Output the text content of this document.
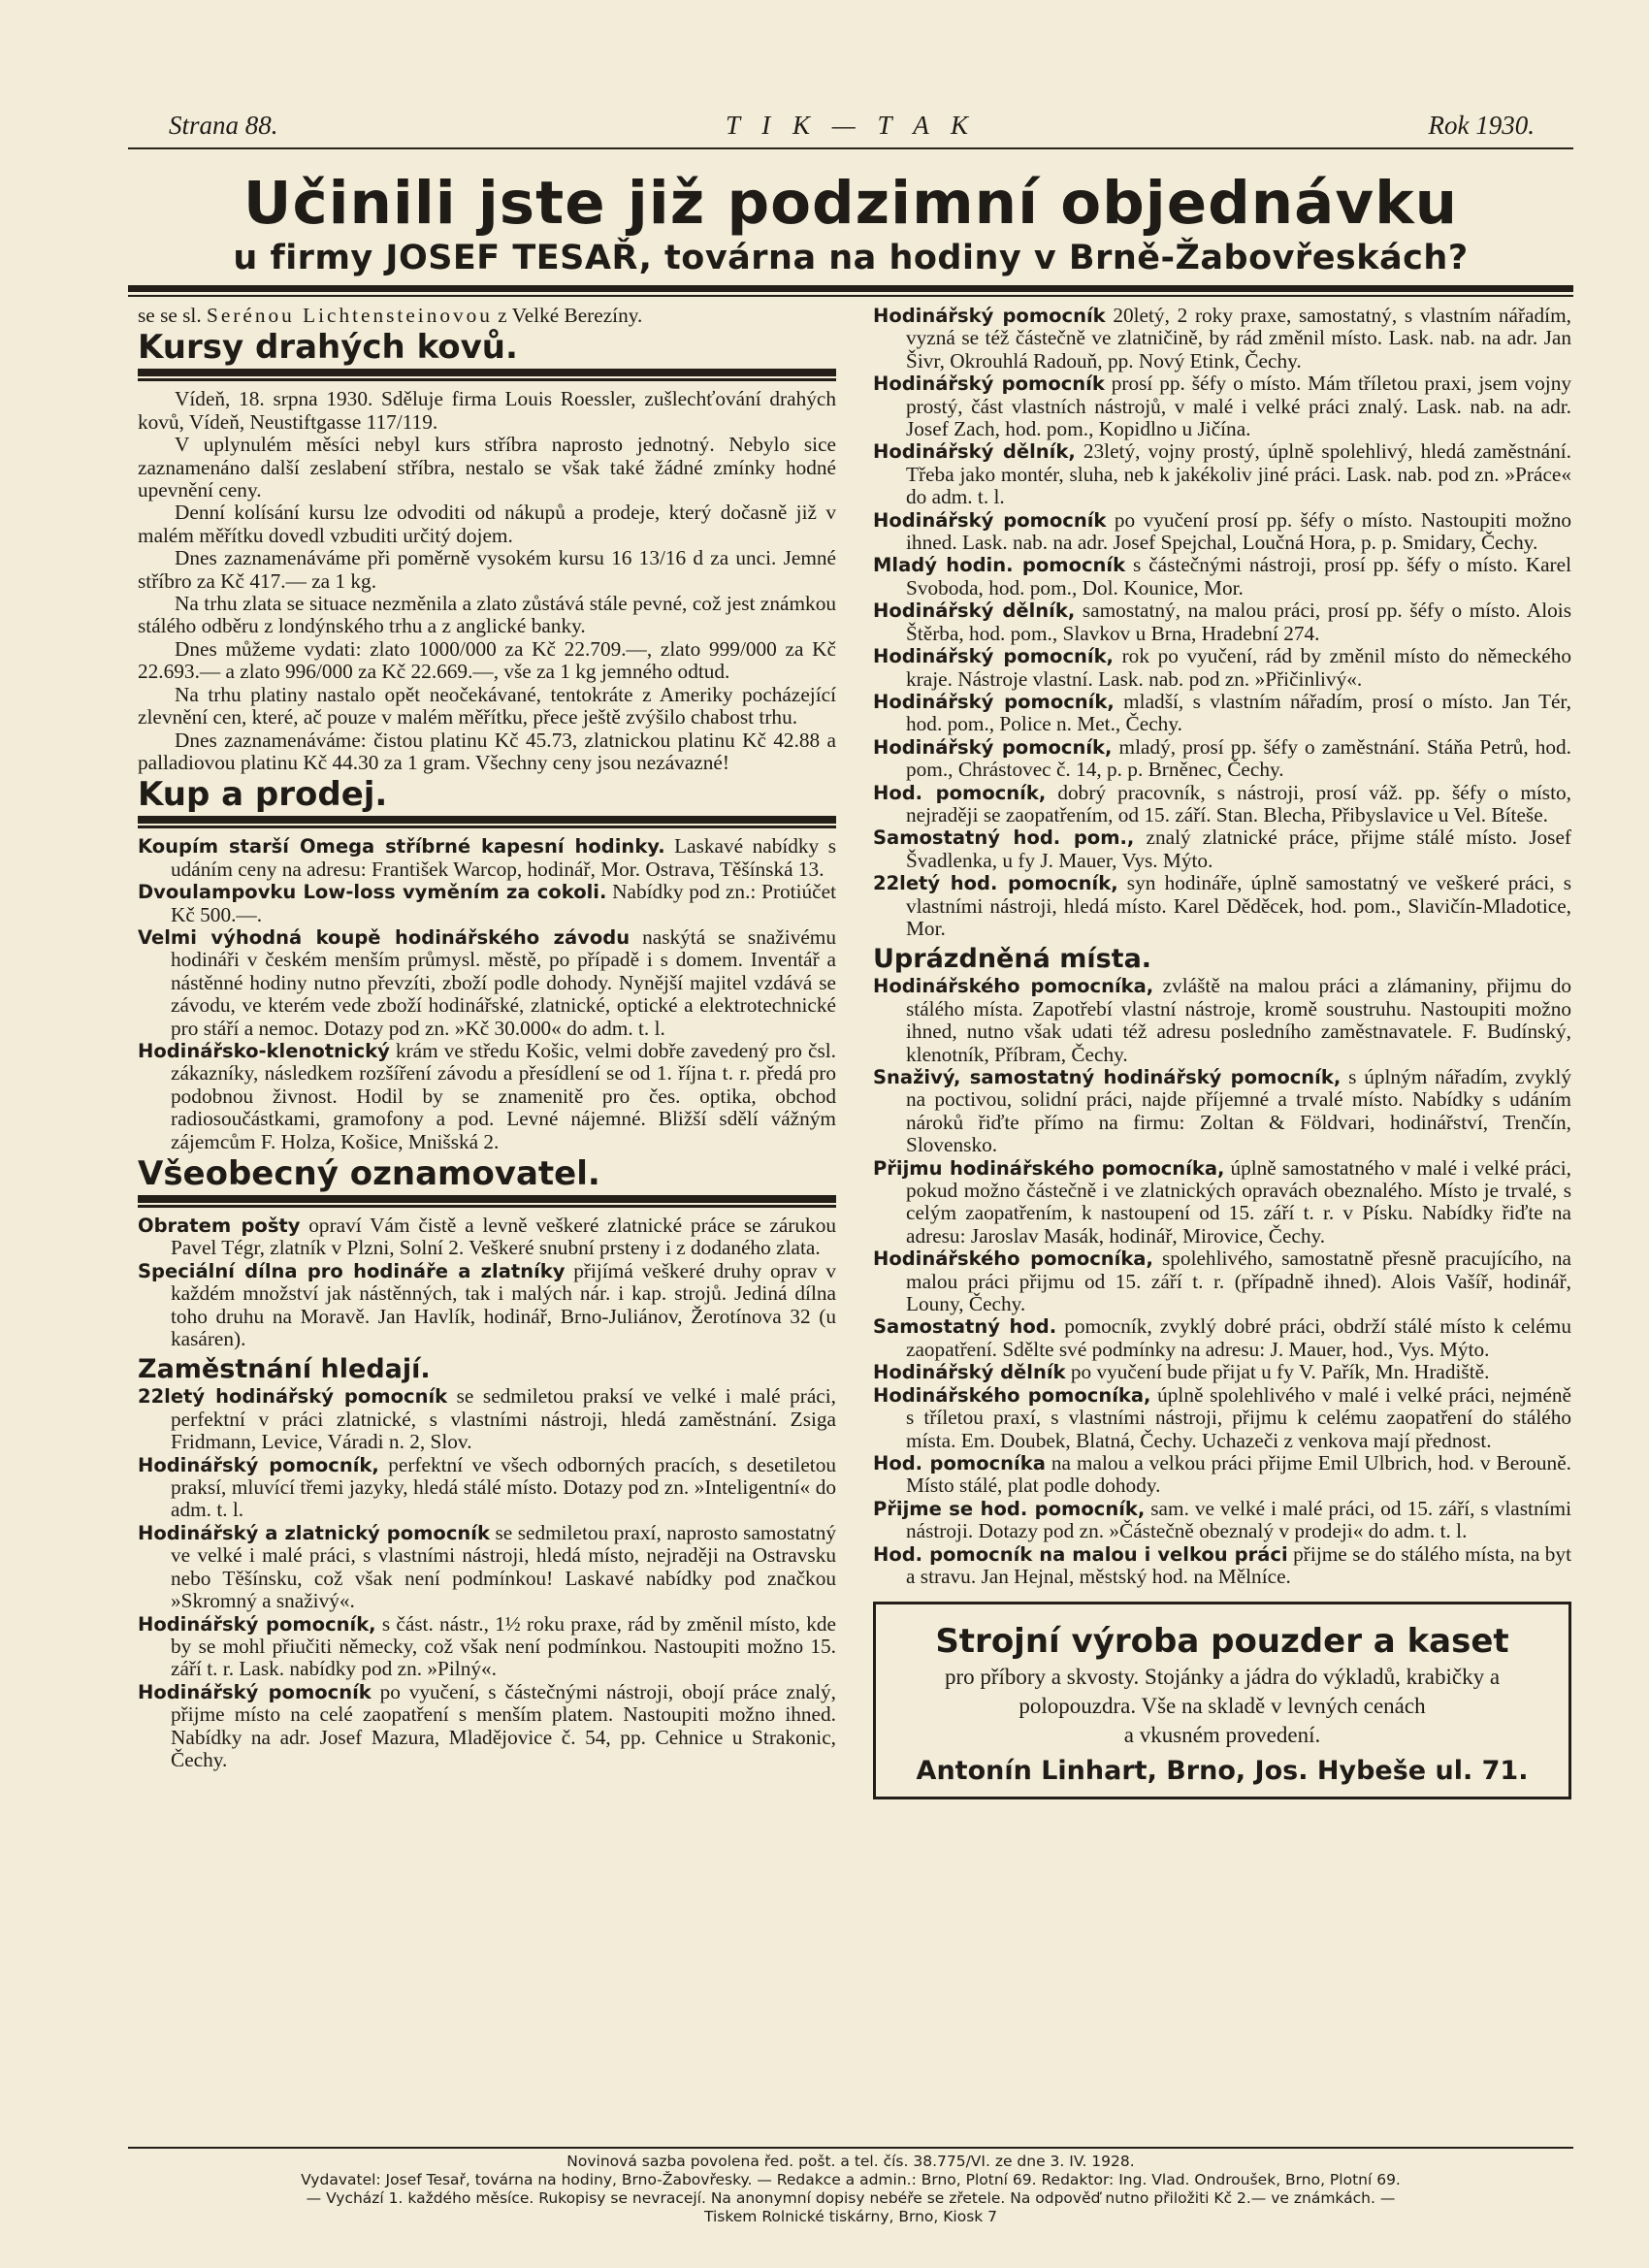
Strana 88.	T I K — T A K	Rok 1930.
Učinili jste již podzimní objednávku
u firmy JOSEF TESAŘ, továrna na hodiny v Brně-Žabovřeskách?

se se sl. Serénou Lichtensteinovou z Velké Berezíny.

Kursy drahých kovů.

Vídeň, 18. srpna 1930. Sděluje firma Louis Roessler, zušlechťování drahých kovů, Vídeň, Neustiftgasse 117/119.

V uplynulém měsíci nebyl kurs stříbra naprosto jednotný. Nebylo sice zaznamenáno další zeslabení stříbra, nestalo se však také žádné zmínky hodné upevnění ceny.

Denní kolísání kursu lze odvoditi od nákupů a prodeje, který dočasně již v malém měřítku dovedl vzbuditi určitý dojem.

Dnes zaznamenáváme při poměrně vysokém kursu 16 13/16 d za unci. Jemné stříbro za Kč 417.— za 1 kg.

Na trhu zlata se situace nezměnila a zlato zůstává stále pevné, což jest známkou stálého odběru z londýnského trhu a z anglické banky.

Dnes můžeme vydati: zlato 1000/000 za Kč 22.709.—, zlato 999/000 za Kč 22.693.— a zlato 996/000 za Kč 22.669.—, vše za 1 kg jemného odtud.

Na trhu platiny nastalo opět neočekávané, tentokráte z Ameriky pocházející zlevnění cen, které, ač pouze v malém měřítku, přece ještě zvýšilo chabost trhu.

Dnes zaznamenáváme: čistou platinu Kč 45.73, zlatnickou platinu Kč 42.88 a palladiovou platinu Kč 44.30 za 1 gram. Všechny ceny jsou nezávazné!

Kup a prodej.

Koupím starší Omega stříbrné kapesní hodinky. Laskavé nabídky s udáním ceny na adresu: František Warcop, hodinář, Mor. Ostrava, Těšínská 13.

Dvoulampovku Low-loss vyměním za cokoli. Nabídky pod zn.: Protiúčet Kč 500.—.

Velmi výhodná koupě hodinářského závodu naskýtá se snaživému hodináři v českém menším průmysl. městě, po případě i s domem. Inventář a nástěnné hodiny nutno převzíti, zboží podle dohody. Nynější majitel vzdává se závodu, ve kterém vede zboží hodinářské, zlatnické, optické a elektrotechnické pro stáří a nemoc. Dotazy pod zn. »Kč 30.000« do adm. t. l.

Hodinářsko-klenotnický krám ve středu Košic, velmi dobře zavedený pro čsl. zákazníky, následkem rozšíření závodu a přesídlení se od 1. října t. r. předá pro podobnou živnost. Hodil by se znamenitě pro čes. optika, obchod radiosoučástkami, gramofony a pod. Levné nájemné. Bližší sdělí vážným zájemcům F. Holza, Košice, Mnišská 2.

Všeobecný oznamovatel.

Obratem pošty opraví Vám čistě a levně veškeré zlatnické práce se zárukou Pavel Tégr, zlatník v Plzni, Solní 2. Veškeré snubní prsteny i z dodaného zlata.

Speciální dílna pro hodináře a zlatníky přijímá veškeré druhy oprav v každém množství jak nástěnných, tak i malých nár. i kap. strojů. Jediná dílna toho druhu na Moravě. Jan Havlík, hodinář, Brno-Juliánov, Žerotínova 32 (u kasáren).

Zaměstnání hledají.

22letý hodinářský pomocník se sedmiletou praksí ve velké i malé práci, perfektní v práci zlatnické, s vlastními nástroji, hledá zaměstnání. Zsiga Fridmann, Levice, Váradi n. 2, Slov.

Hodinářský pomocník, perfektní ve všech odborných pracích, s desetiletou praksí, mluvící třemi jazyky, hledá stálé místo. Dotazy pod zn. »Inteligentní« do adm. t. l.

Hodinářský a zlatnický pomocník se sedmiletou praxí, naprosto samostatný ve velké i malé práci, s vlastními nástroji, hledá místo, nejraději na Ostravsku nebo Těšínsku, což však není podmínkou! Laskavé nabídky pod značkou »Skromný a snaživý«.

Hodinářský pomocník, s část. nástr., 1½ roku praxe, rád by změnil místo, kde by se mohl přiučiti německy, což však není podmínkou. Nastoupiti možno 15. září t. r. Lask. nabídky pod zn. »Pilný«.

Hodinářský pomocník po vyučení, s částečnými nástroji, obojí práce znalý, přijme místo na celé zaopatření s menším platem. Nastoupiti možno ihned. Nabídky na adr. Josef Mazura, Mladějovice č. 54, pp. Cehnice u Strakonic, Čechy.

Hodinářský pomocník 20letý, 2 roky praxe, samostatný, s vlastním nářadím, vyzná se též částečně ve zlatničině, by rád změnil místo. Lask. nab. na adr. Jan Šivr, Okrouhlá Radouň, pp. Nový Etink, Čechy.

Hodinářský pomocník prosí pp. šéfy o místo. Mám tříletou praxi, jsem vojny prostý, část vlastních nástrojů, v malé i velké práci znalý. Lask. nab. na adr. Josef Zach, hod. pom., Kopidlno u Jičína.

Hodinářský dělník, 23letý, vojny prostý, úplně spolehlivý, hledá zaměstnání. Třeba jako montér, sluha, neb k jakékoliv jiné práci. Lask. nab. pod zn. »Práce« do adm. t. l.

Hodinářský pomocník po vyučení prosí pp. šéfy o místo. Nastoupiti možno ihned. Lask. nab. na adr. Josef Spejchal, Loučná Hora, p. p. Smidary, Čechy.

Mladý hodin. pomocník s částečnými nástroji, prosí pp. šéfy o místo. Karel Svoboda, hod. pom., Dol. Kounice, Mor.

Hodinářský dělník, samostatný, na malou práci, prosí pp. šéfy o místo. Alois Štěrba, hod. pom., Slavkov u Brna, Hradební 274.

Hodinářský pomocník, rok po vyučení, rád by změnil místo do německého kraje. Nástroje vlastní. Lask. nab. pod zn. »Přičinlivý«.

Hodinářský pomocník, mladší, s vlastním nářadím, prosí o místo. Jan Tér, hod. pom., Police n. Met., Čechy.

Hodinářský pomocník, mladý, prosí pp. šéfy o zaměstnání. Stáňa Petrů, hod. pom., Chrástovec č. 14, p. p. Brněnec, Čechy.

Hod. pomocník, dobrý pracovník, s nástroji, prosí váž. pp. šéfy o místo, nejraději se zaopatřením, od 15. září. Stan. Blecha, Přibyslavice u Vel. Bíteše.

Samostatný hod. pom., znalý zlatnické práce, přijme stálé místo. Josef Švadlenka, u fy J. Mauer, Vys. Mýto.

22letý hod. pomocník, syn hodináře, úplně samostatný ve veškeré práci, s vlastními nástroji, hledá místo. Karel Děděcek, hod. pom., Slavičín-Mladotice, Mor.

Uprázdněná místa.

Hodinářského pomocníka, zvláště na malou práci a zlámaniny, přijmu do stálého místa. Zapotřebí vlastní nástroje, kromě soustruhu. Nastoupiti možno ihned, nutno však udati též adresu posledního zaměstnavatele. F. Budínský, klenotník, Příbram, Čechy.

Snaživý, samostatný hodinářský pomocník, s úplným nářadím, zvyklý na poctivou, solidní práci, najde příjemné a trvalé místo. Nabídky s udáním nároků řiďte přímo na firmu: Zoltan & Földvari, hodinářství, Trenčín, Slovensko.

Přijmu hodinářského pomocníka, úplně samostatného v malé i velké práci, pokud možno částečně i ve zlatnických opravách obeznalého. Místo je trvalé, s celým zaopatřením, k nastoupení od 15. září t. r. v Písku. Nabídky řiďte na adresu: Jaroslav Masák, hodinář, Mirovice, Čechy.

Hodinářského pomocníka, spolehlivého, samostatně přesně pracujícího, na malou práci přijmu od 15. září t. r. (případně ihned). Alois Vašíř, hodinář, Louny, Čechy.

Samostatný hod. pomocník, zvyklý dobré práci, obdrží stálé místo k celému zaopatření. Sdělte své podmínky na adresu: J. Mauer, hod., Vys. Mýto.

Hodinářský dělník po vyučení bude přijat u fy V. Pařík, Mn. Hradiště.

Hodinářského pomocníka, úplně spolehlivého v malé i velké práci, nejméně s tříletou praxí, s vlastními nástroji, přijmu k celému zaopatření do stálého místa. Em. Doubek, Blatná, Čechy. Uchazeči z venkova mají přednost.

Hod. pomocníka na malou a velkou práci přijme Emil Ulbrich, hod. v Berouně. Místo stálé, plat podle dohody.

Přijme se hod. pomocník, sam. ve velké i malé práci, od 15. září, s vlastními nástroji. Dotazy pod zn. »Částečně obeznalý v prodeji« do adm. t. l.

Hod. pomocník na malou i velkou práci přijme se do stálého místa, na byt a stravu. Jan Hejnal, městský hod. na Mělníce.

Strojní výroba pouzder a kaset
pro příbory a skvosty. Stojánky a jádra do výkladů, krabičky a polopouzdra. Vše na skladě v levných cenách
a vkusném provedení.
Antonín Linhart, Brno, Jos. Hybeše ul. 71.
Novinová sazba povolena řed. pošt. a tel. čís. 38.775/VI. ze dne 3. IV. 1928.
Vydavatel: Josef Tesař, továrna na hodiny, Brno-Žabovřesky. — Redakce a admin.: Brno, Plotní 69. Redaktor: Ing. Vlad. Ondroušek, Brno, Plotní 69.
— Vychází 1. každého měsíce. Rukopisy se nevracejí. Na anonymní dopisy nebéře se zřetele. Na odpověď nutno přiložiti Kč 2.— ve známkách. —
Tiskem Rolnické tiskárny, Brno, Kiosk 7
